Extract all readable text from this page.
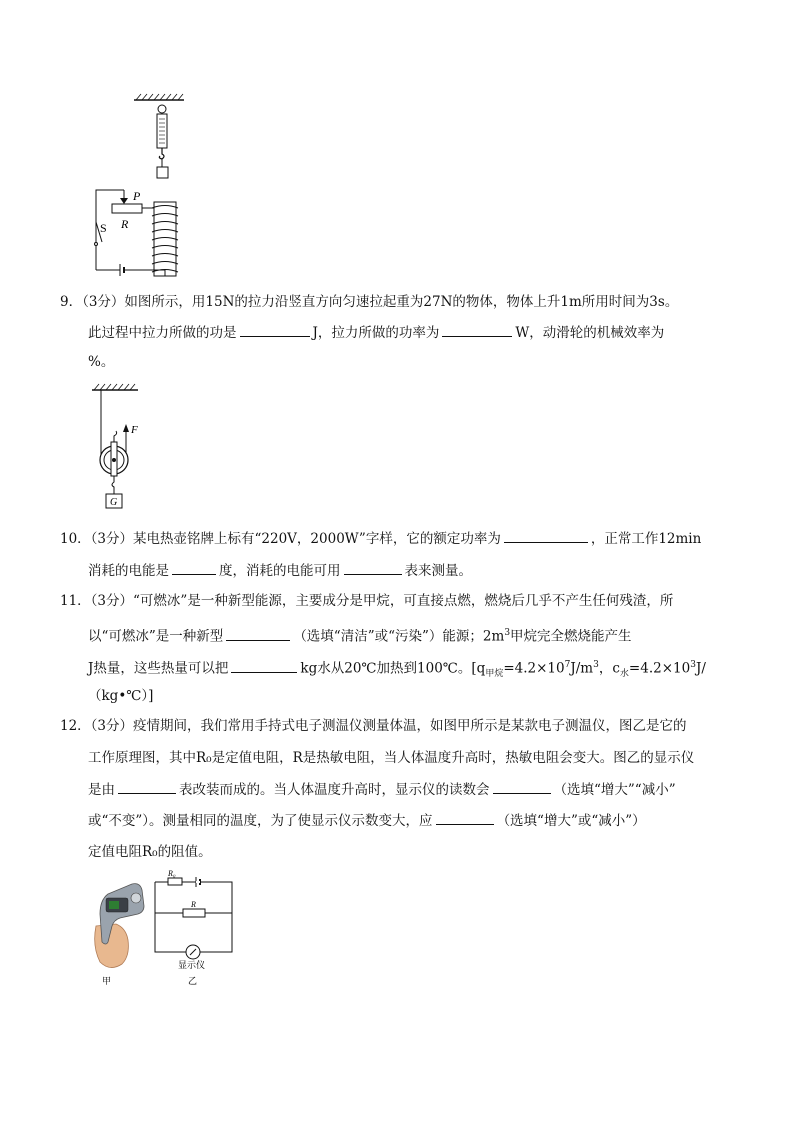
P
R
S
9．（3分）如图所示，用15N的拉力沿竖直方向匀速拉起重为27N的物体，物体上升1m所用时间为3s。
此过程中拉力所做的功是	J，拉力所做的功率为	W，动滑轮的机械效率为
%。
F
G
10．（3分）某电热壶铭牌上标有“220V，2000W”字样，它的额定功率为	，正常工作12min
消耗的电能是	度，消耗的电能可用	表来测量。
11．（3分）“可燃冰”是一种新型能源，主要成分是甲烷，可直接点燃，燃烧后几乎不产生任何残渣，所
以“可燃冰”是一种新型	（选填“清洁”或“污染”）能源；$2m^3$甲烷完全燃烧能产生
J热量，这些热量可以把	kg水从20℃加热到100℃。[$q_{甲烷}=4.2\times 10^7J/m^3$，$c_水=4.2\times 10^3J/$
（kg•℃）]
12．（3分）疫情期间，我们常用手持式电子测温仪测量体温，如图甲所示是某款电子测温仪，图乙是它的
工作原理图，其中R₀是定值电阻，R是热敏电阻，当人体温度升高时，热敏电阻会变大。图乙的显示仪
是由	表改装而成的。当人体温度升高时，显示仪的读数会	（选填“增大”“减小”
或“不变”）。测量相同的温度，为了使显示仪示数变大，应	（选填“增大”或“减小”）
定值电阻R₀的阻值。
甲
R₀
R
显示仪
乙
